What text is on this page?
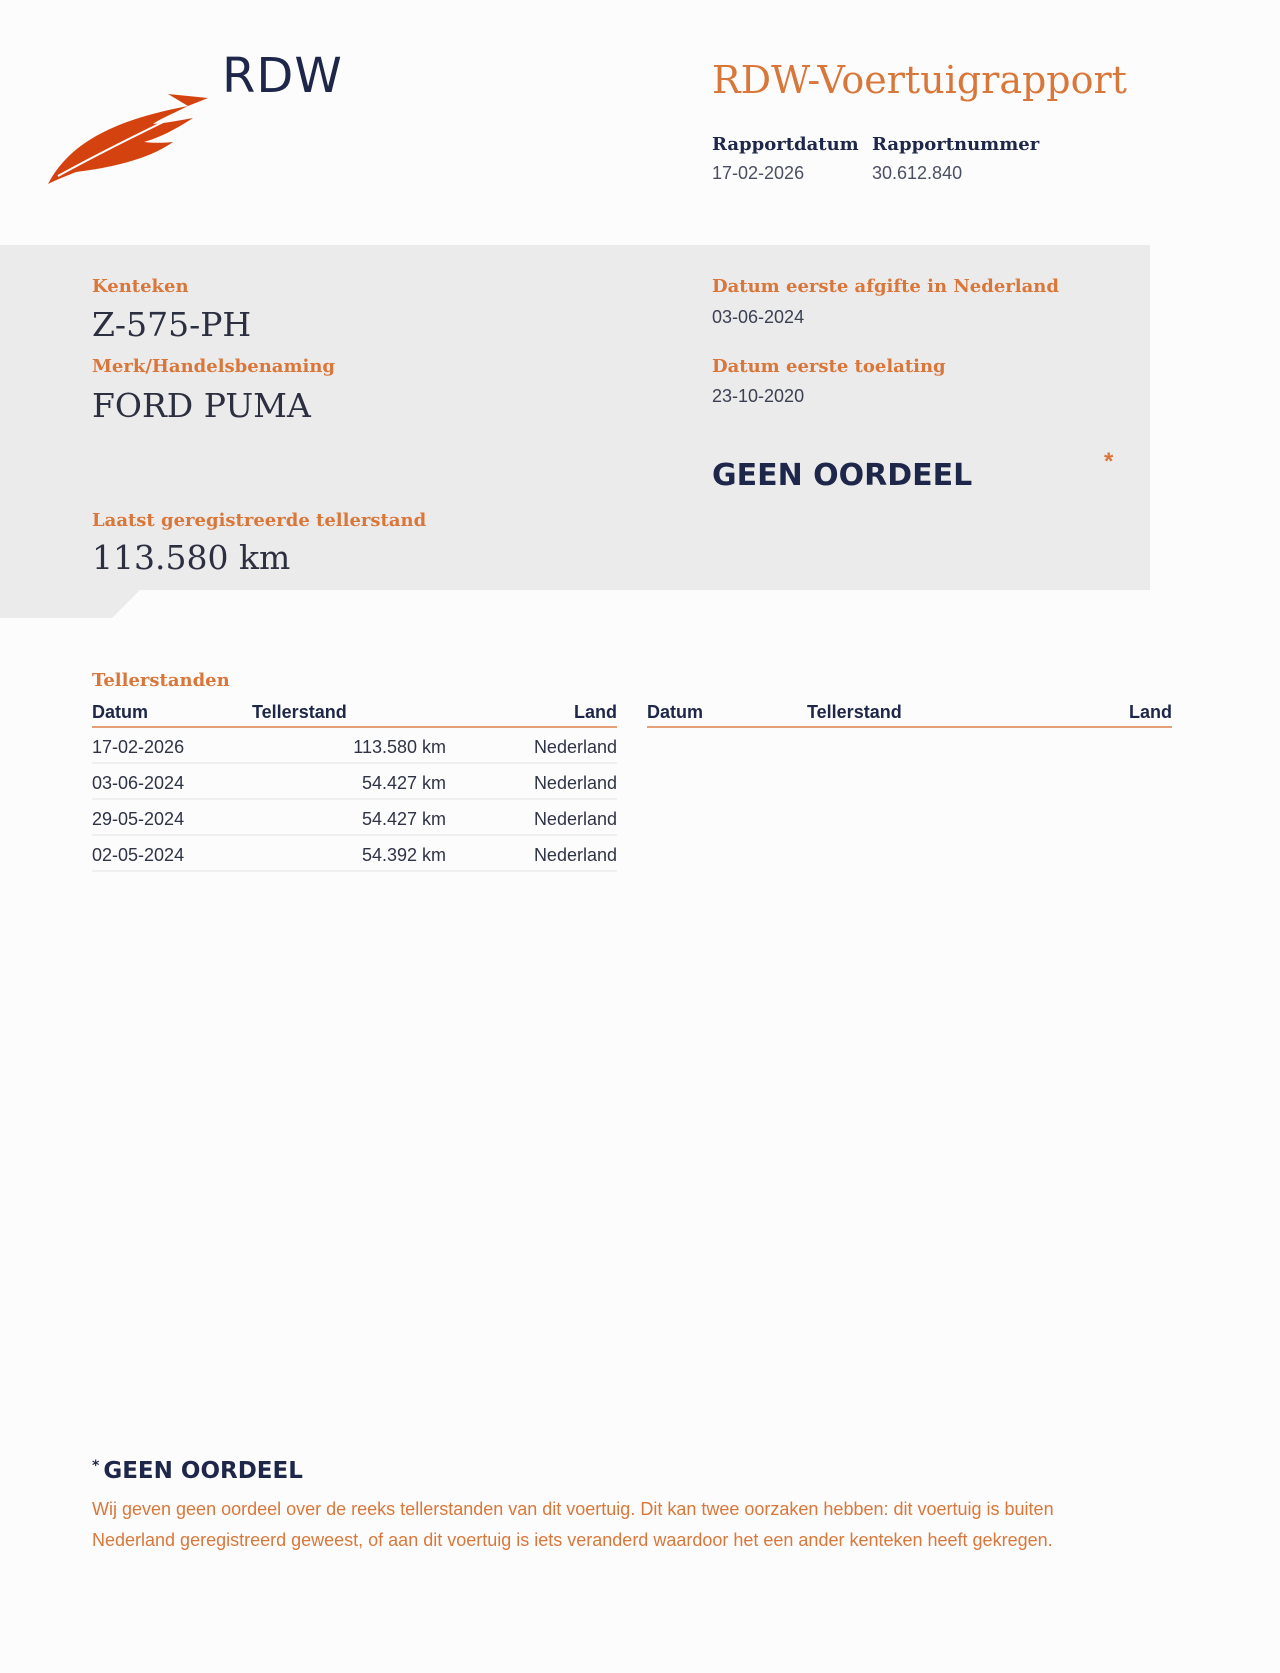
RDW	RDW-Voertuigrapport
Rapportdatum
17-02-2026
Rapportnummer
30.612.840
Kenteken
Z-575-PH
Merk/Handelsbenaming
FORD PUMA
Datum eerste afgifte in Nederland
03-06-2024
Datum eerste toelating
23-10-2020
GEEN OORDEEL	*
Laatst geregistreerde tellerstand
113.580 km
Tellerstanden
Datum	Tellerstand	Land
17-02-2026	113.580 km	Nederland
03-06-2024	54.427 km	Nederland
29-05-2024	54.427 km	Nederland
02-05-2024	54.392 km	Nederland
Datum	Tellerstand	Land
* GEEN OORDEEL
Wij geven geen oordeel over de reeks tellerstanden van dit voertuig. Dit kan twee oorzaken hebben: dit voertuig is buiten Nederland geregistreerd geweest, of aan dit voertuig is iets veranderd waardoor het een ander kenteken heeft gekregen.
